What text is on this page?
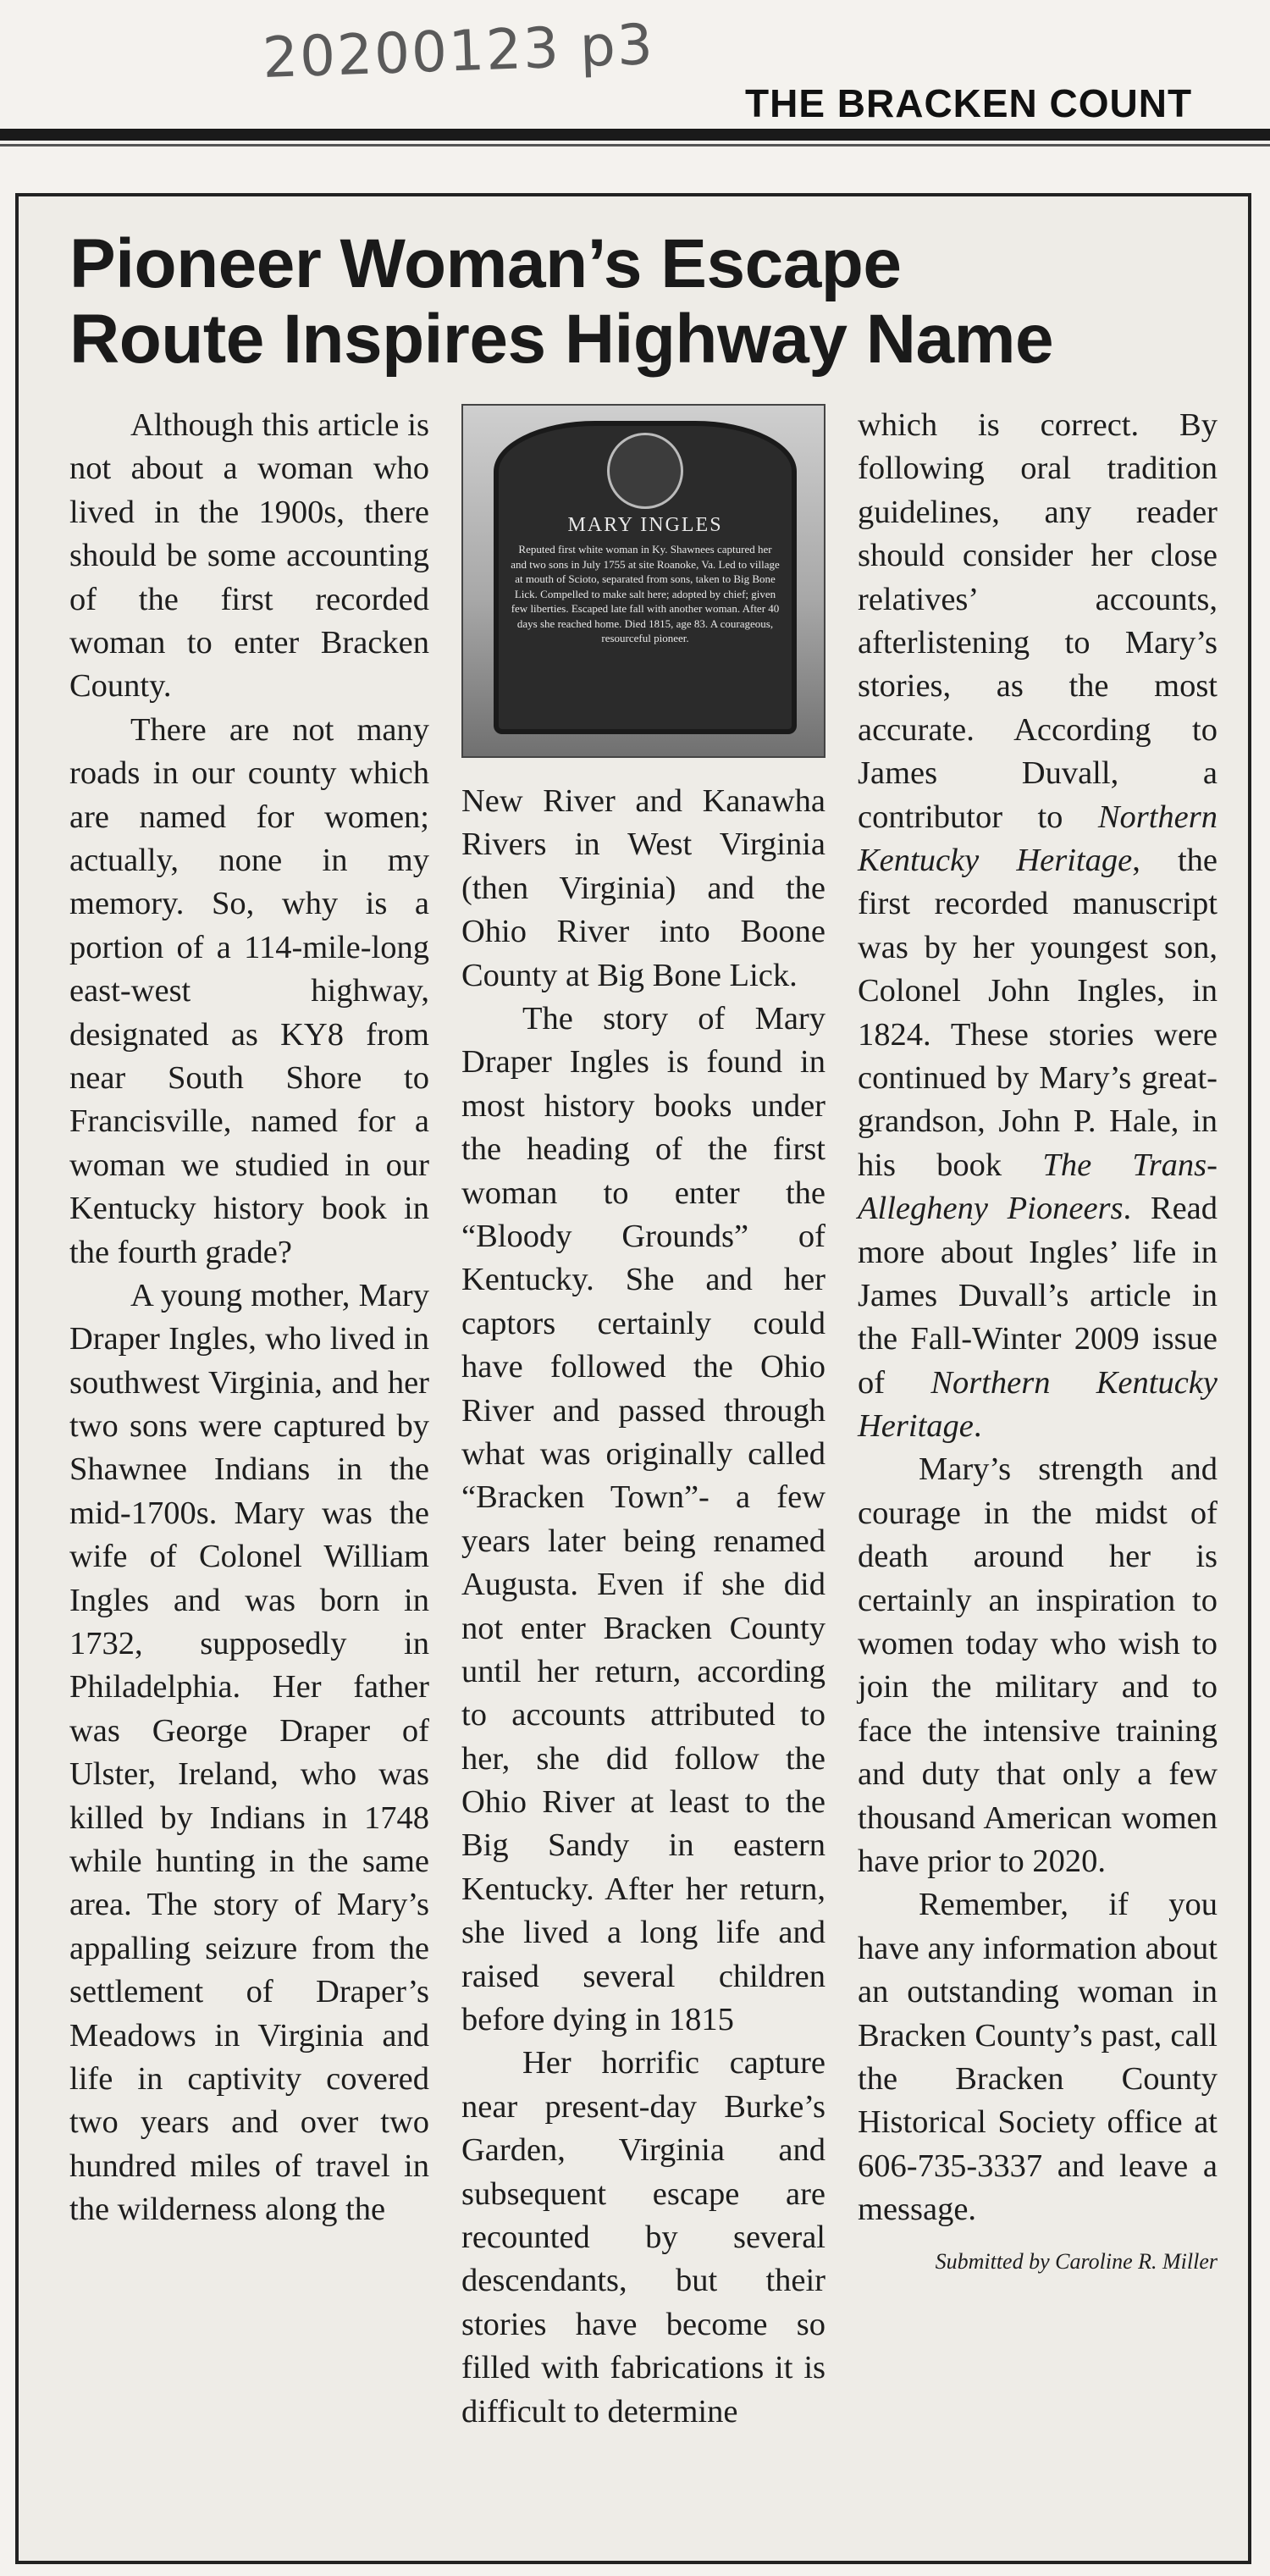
20200123 p3
THE BRACKEN COUNT
Pioneer Woman’s Escape
Route Inspires Highway Name

Although this article is not about a woman who lived in the 1900s, there should be some accounting of the first recorded woman to enter Bracken County.

There are not many roads in our county which are named for women; actually, none in my memory. So, why is a portion of a 114-mile-long east-west highway, designated as KY8 from near South Shore to Francisville, named for a woman we studied in our Kentucky history book in the fourth grade?

A young mother, Mary Draper Ingles, who lived in southwest Virginia, and her two sons were captured by Shawnee Indians in the mid-1700s. Mary was the wife of Colonel William Ingles and was born in 1732, supposedly in Philadelphia. Her father was George Draper of Ulster, Ireland, who was killed by Indians in 1748 while hunting in the same area. The story of Mary’s appalling seizure from the settlement of Draper’s Meadows in Virginia and life in captivity covered two years and over two hundred miles of travel in the wilderness along the

MARY INGLES
Reputed first white woman in Ky. Shawnees captured her and two sons in July 1755 at site Roanoke, Va. Led to village at mouth of Scioto, separated from sons, taken to Big Bone Lick. Compelled to make salt here; adopted by chief; given few liberties. Escaped late fall with another woman. After 40 days she reached home. Died 1815, age 83. A courageous, resourceful pioneer.

New River and Kanawha Rivers in West Virginia (then Virginia) and the Ohio River into Boone County at Big Bone Lick.

The story of Mary Draper Ingles is found in most history books under the heading of the first woman to enter the “Bloody Grounds” of Kentucky. She and her captors certainly could have followed the Ohio River and passed through what was originally called “Bracken Town”- a few years later being renamed Augusta. Even if she did not enter Bracken County until her return, according to accounts attributed to her, she did follow the Ohio River at least to the Big Sandy in eastern Kentucky. After her return, she lived a long life and raised several children before dying in 1815

Her horrific capture near present-day Burke’s Garden, Virginia and subsequent escape are recounted by several descendants, but their stories have become so filled with fabrications it is difficult to determine

which is correct. By following oral tradition guidelines, any reader should consider her close relatives’ accounts, afterlistening to Mary’s stories, as the most accurate. According to James Duvall, a contributor to Northern Kentucky Heritage, the first recorded manuscript was by her youngest son, Colonel John Ingles, in 1824. These stories were continued by Mary’s great-grandson, John P. Hale, in his book The Trans-Allegheny Pioneers. Read more about Ingles’ life in James Duvall’s article in the Fall-Winter 2009 issue of Northern Kentucky Heritage.

Mary’s strength and courage in the midst of death around her is certainly an inspiration to women today who wish to join the military and to face the intensive training and duty that only a few thousand American women have prior to 2020.

Remember, if you have any information about an outstanding woman in Bracken County’s past, call the Bracken County Historical Society office at 606-735-3337 and leave a message.

Submitted by Caroline R. Miller
